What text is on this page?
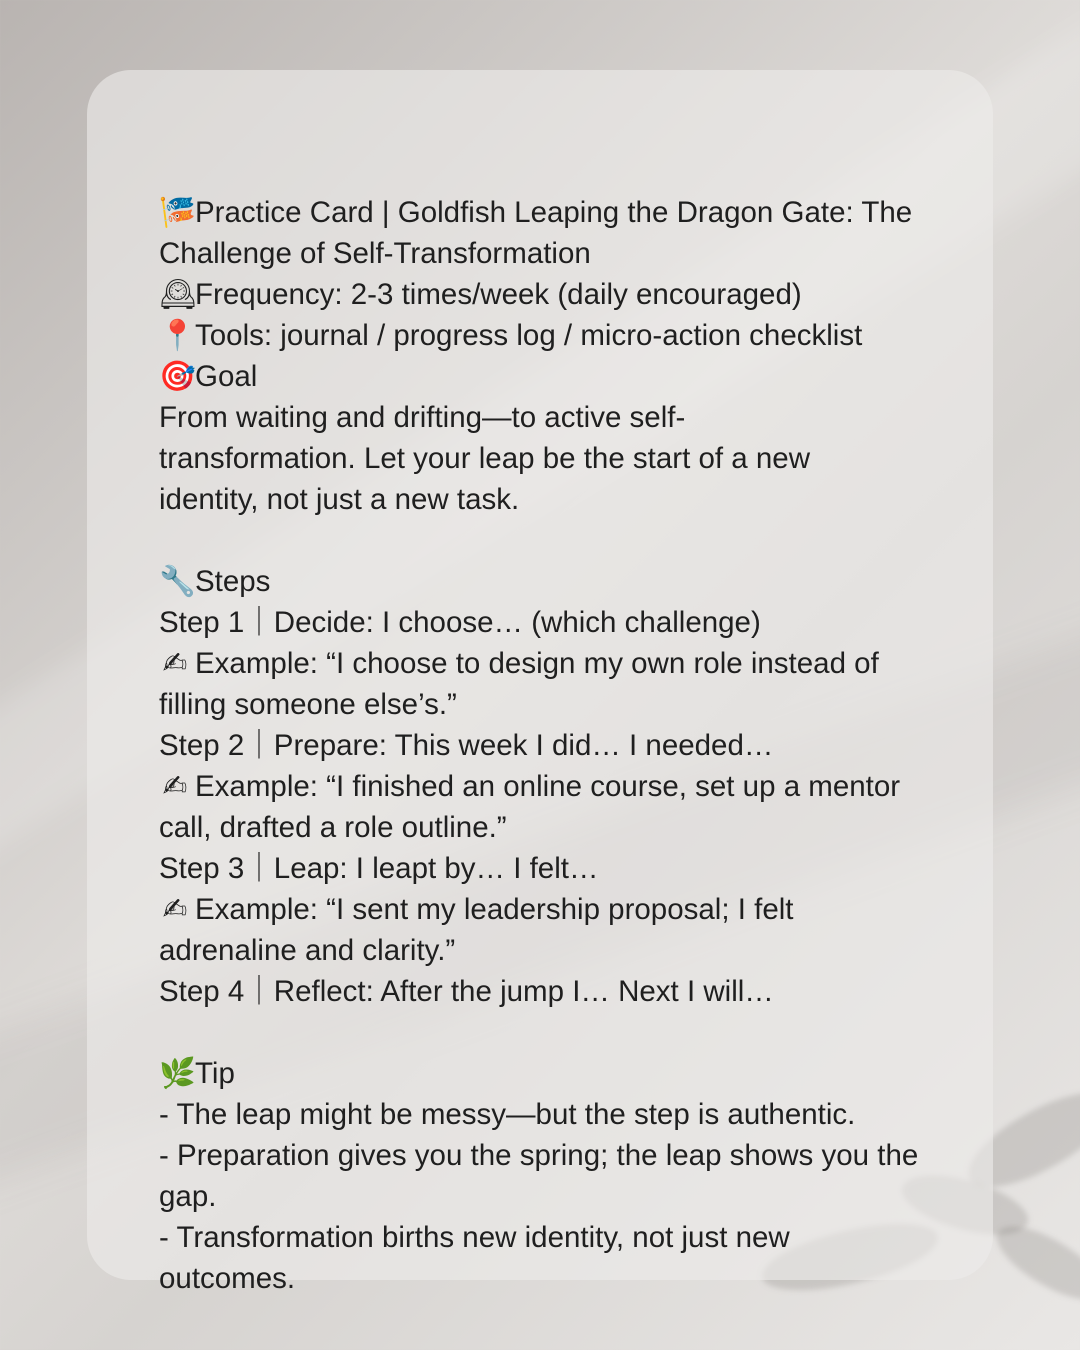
🎏Practice Card | Goldfish Leaping the Dragon Gate: The Challenge of Self-Transformation
🕰Frequency: 2-3 times/week (daily encouraged)
📍Tools: journal / progress log / micro-action checklist
🎯Goal
From waiting and drifting—to active self-transformation. Let your leap be the start of a new identity, not just a new task.
🔧Steps
Step 1｜Decide: I choose… (which challenge)
✍ Example: “I choose to design my own role instead of filling someone else’s.”
Step 2｜Prepare: This week I did… I needed…
✍ Example: “I finished an online course, set up a mentor call, drafted a role outline.”
Step 3｜Leap: I leapt by… I felt…
✍ Example: “I sent my leadership proposal; I felt adrenaline and clarity.”
Step 4｜Reflect: After the jump I… Next I will…
🌿Tip
- The leap might be messy—but the step is authentic.
- Preparation gives you the spring; the leap shows you the gap.
- Transformation births new identity, not just new outcomes.
